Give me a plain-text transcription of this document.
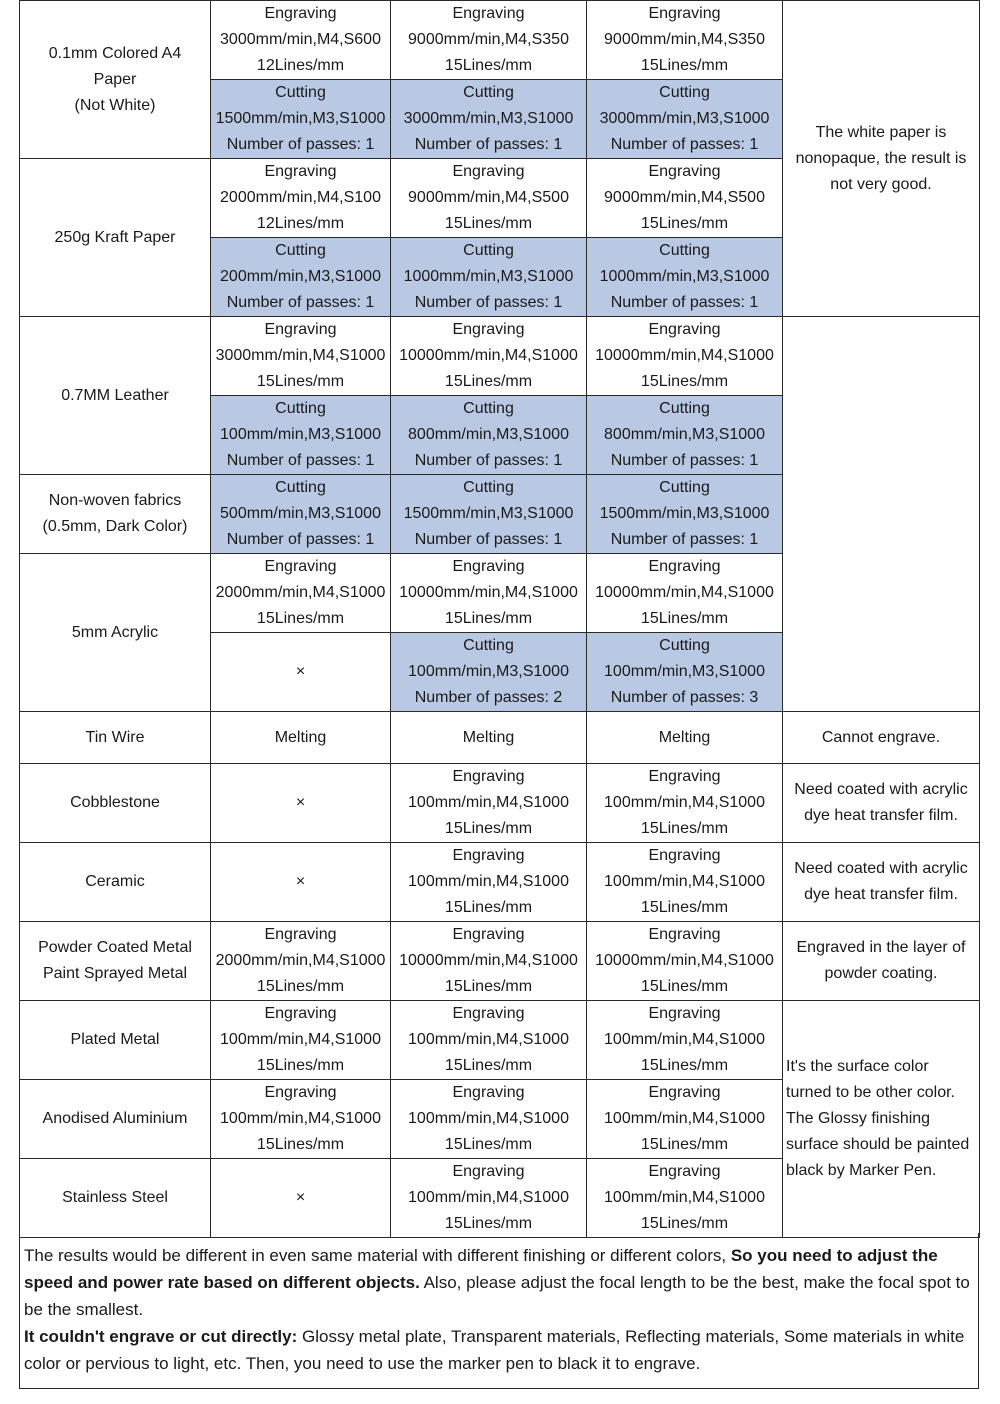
0.1mm Colored A4
Paper
(Not White)	Engraving
3000mm/min,M4,S600
12Lines/mm	Engraving
9000mm/min,M4,S350
15Lines/mm	Engraving
9000mm/min,M4,S350
15Lines/mm	The white paper is
nonopaque, the result is
not very good.	

	Cutting
1500mm/min,M3,S1000
Number of passes: 1	Cutting
3000mm/min,M3,S1000
Number of passes: 1	Cutting
3000mm/min,M3,S1000
Number of passes: 1		

250g Kraft Paper	Engraving
2000mm/min,M4,S100
12Lines/mm	Engraving
9000mm/min,M4,S500
15Lines/mm	Engraving
9000mm/min,M4,S500
15Lines/mm

	Cutting
200mm/min,M3,S1000
Number of passes: 1	Cutting
1000mm/min,M3,S1000
Number of passes: 1	Cutting
1000mm/min,M3,S1000
Number of passes: 1		

0.7MM Leather	Engraving
3000mm/min,M4,S1000
15Lines/mm	Engraving
10000mm/min,M4,S1000
15Lines/mm	Engraving
10000mm/min,M4,S1000
15Lines/mm		

	Cutting
100mm/min,M3,S1000
Number of passes: 1	Cutting
800mm/min,M3,S1000
Number of passes: 1	Cutting
800mm/min,M3,S1000
Number of passes: 1		

Non-woven fabrics
(0.5mm, Dark Color)	Cutting
500mm/min,M3,S1000
Number of passes: 1	Cutting
1500mm/min,M3,S1000
Number of passes: 1	Cutting
1500mm/min,M3,S1000
Number of passes: 1		

5mm Acrylic	Engraving
2000mm/min,M4,S1000
15Lines/mm	Engraving
10000mm/min,M4,S1000
15Lines/mm	Engraving
10000mm/min,M4,S1000
15Lines/mm

	×	Cutting
100mm/min,M3,S1000
Number of passes: 2	Cutting
100mm/min,M3,S1000
Number of passes: 3		

Tin Wire	Melting	Melting	Melting	Cannot engrave.	

Cobblestone	×	Engraving
100mm/min,M4,S1000
15Lines/mm	Engraving
100mm/min,M4,S1000
15Lines/mm	Need coated with acrylic
dye heat transfer film.	

Ceramic	×	Engraving
100mm/min,M4,S1000
15Lines/mm	Engraving
100mm/min,M4,S1000
15Lines/mm	Need coated with acrylic
dye heat transfer film.	

Powder Coated Metal
Paint Sprayed Metal	Engraving
2000mm/min,M4,S1000
15Lines/mm	Engraving
10000mm/min,M4,S1000
15Lines/mm	Engraving
10000mm/min,M4,S1000
15Lines/mm	Engraved in the layer of
powder coating.	

Plated Metal	Engraving
100mm/min,M4,S1000
15Lines/mm	Engraving
100mm/min,M4,S1000
15Lines/mm	Engraving
100mm/min,M4,S1000
15Lines/mm	It's the surface color
turned to be other color.
The Glossy finishing
surface should be painted
black by Marker Pen.	

Anodised Aluminium	Engraving
100mm/min,M4,S1000
15Lines/mm	Engraving
100mm/min,M4,S1000
15Lines/mm	Engraving
100mm/min,M4,S1000
15Lines/mm		

Stainless Steel	×	Engraving
100mm/min,M4,S1000
15Lines/mm	Engraving
100mm/min,M4,S1000
15Lines/mm		
The results would be different in even same material with different finishing or different colors, So you need to adjust the speed and power rate based on different objects. Also, please adjust the focal length to be the best, make the focal spot to be the smallest.
It couldn't engrave or cut directly: Glossy metal plate, Transparent materials, Reflecting materials, Some materials in white color or pervious to light, etc. Then, you need to use the marker pen to black it to engrave.
